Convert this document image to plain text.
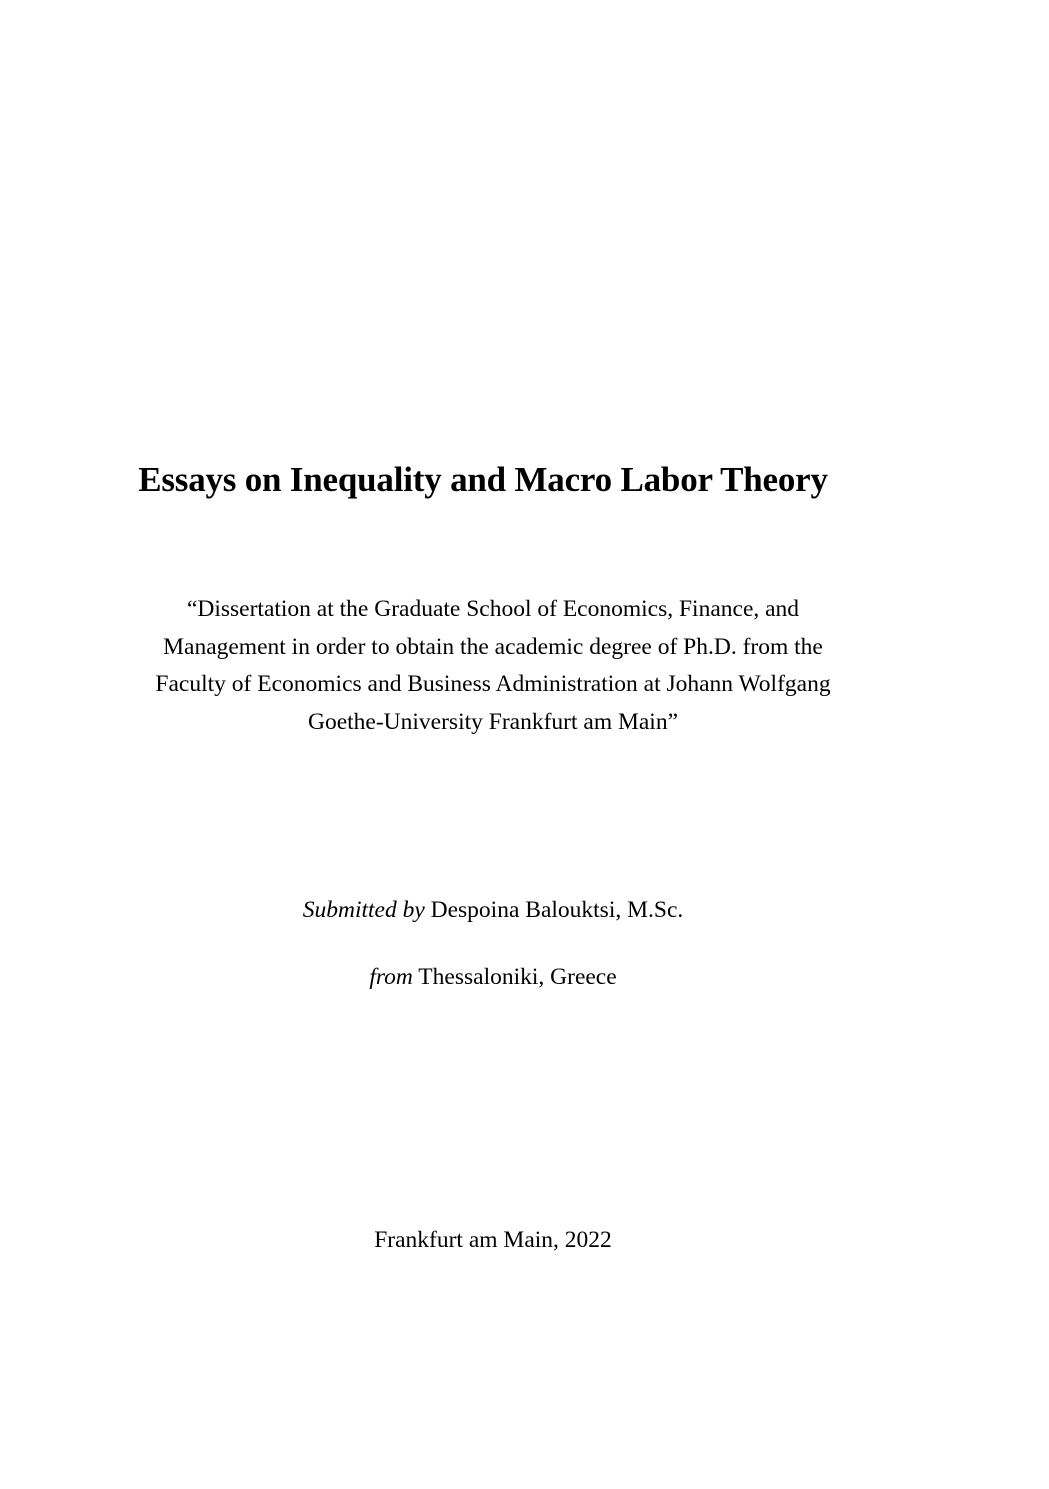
Essays on Inequality and Macro Labor Theory
“Dissertation at the Graduate School of Economics, Finance, and
Management in order to obtain the academic degree of Ph.D. from the
Faculty of Economics and Business Administration at Johann Wolfgang
Goethe-University Frankfurt am Main”
Submitted by Despoina Balouktsi, M.Sc.
from Thessaloniki, Greece
Frankfurt am Main, 2022
